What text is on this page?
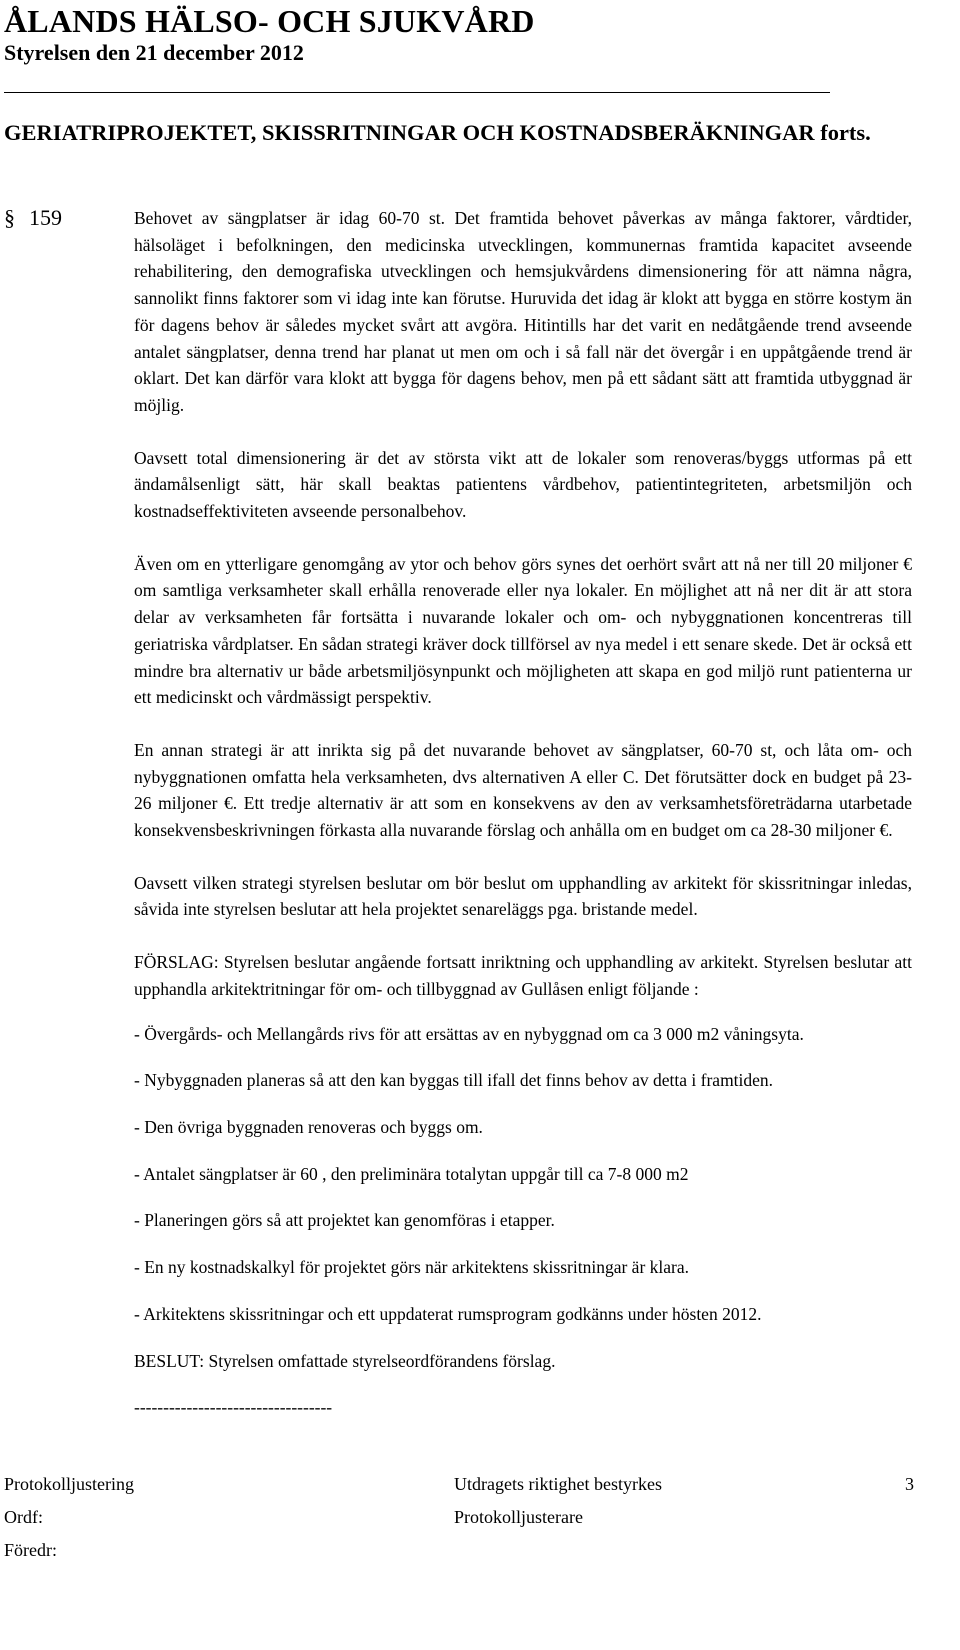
ÅLANDS HÄLSO- OCH SJUKVÅRD
Styrelsen den 21 december 2012
GERIATRIPROJEKTET, SKISSRITNINGAR OCH KOSTNADSBERÄKNINGAR forts.
§ 159	Behovet av sängplatser är idag 60-70 st. Det framtida behovet påverkas av många faktorer, vårdtider, hälsoläget i befolkningen, den medicinska utvecklingen, kommunernas framtida kapacitet avseende rehabilitering, den demografiska utvecklingen och hemsjukvårdens dimensionering för att nämna några, sannolikt finns faktorer som vi idag inte kan förutse. Huruvida det idag är klokt att bygga en större kostym än för dagens behov är således mycket svårt att avgöra. Hitintills har det varit en nedåtgående trend avseende antalet sängplatser, denna trend har planat ut men om och i så fall när det övergår i en uppåtgående trend är oklart. Det kan därför vara klokt att bygga för dagens behov, men på ett sådant sätt att framtida utbyggnad är möjlig.

Oavsett total dimensionering är det av största vikt att de lokaler som renoveras/byggs utformas på ett ändamålsenligt sätt, här skall beaktas patientens vårdbehov, patientintegriteten, arbetsmiljön och kostnadseffektiviteten avseende personalbehov.

Även om en ytterligare genomgång av ytor och behov görs synes det oerhört svårt att nå ner till 20 miljoner € om samtliga verksamheter skall erhålla renoverade eller nya lokaler. En möjlighet att nå ner dit är att stora delar av verksamheten får fortsätta i nuvarande lokaler och om- och nybyggnationen koncentreras till geriatriska vårdplatser. En sådan strategi kräver dock tillförsel av nya medel i ett senare skede. Det är också ett mindre bra alternativ ur både arbetsmiljösynpunkt och möjligheten att skapa en god miljö runt patienterna ur ett medicinskt och vårdmässigt perspektiv.

En annan strategi är att inrikta sig på det nuvarande behovet av sängplatser, 60-70 st, och låta om- och nybyggnationen omfatta hela verksamheten, dvs alternativen A eller C. Det förutsätter dock en budget på 23-26 miljoner €. Ett tredje alternativ är att som en konsekvens av den av verksamhetsföreträdarna utarbetade konsekvensbeskrivningen förkasta alla nuvarande förslag och anhålla om en budget om ca 28-30 miljoner €.

Oavsett vilken strategi styrelsen beslutar om bör beslut om upphandling av arkitekt för skissritningar inledas, såvida inte styrelsen beslutar att hela projektet senareläggs pga. bristande medel.

FÖRSLAG: Styrelsen beslutar angående fortsatt inriktning och upphandling av arkitekt. Styrelsen beslutar att upphandla arkitektritningar för om- och tillbyggnad av Gullåsen enligt följande :

- Övergårds- och Mellangårds rivs för att ersättas av en nybyggnad om ca 3 000 m2 våningsyta.

- Nybyggnaden planeras så att den kan byggas till ifall det finns behov av detta i framtiden.

- Den övriga byggnaden renoveras och byggs om.

- Antalet sängplatser är 60 , den preliminära totalytan uppgår till ca 7-8 000 m2

- Planeringen görs så att projektet kan genomföras i etapper.

- En ny kostnadskalkyl för projektet görs när arkitektens skissritningar är klara.

- Arkitektens skissritningar och ett uppdaterat rumsprogram godkänns under hösten 2012.

BESLUT: Styrelsen omfattade styrelseordförandens förslag.

----------------------------------

Protokolljustering	Utdragets riktighet bestyrkes	3
Ordf:	Protokolljusterare
Föredr:
